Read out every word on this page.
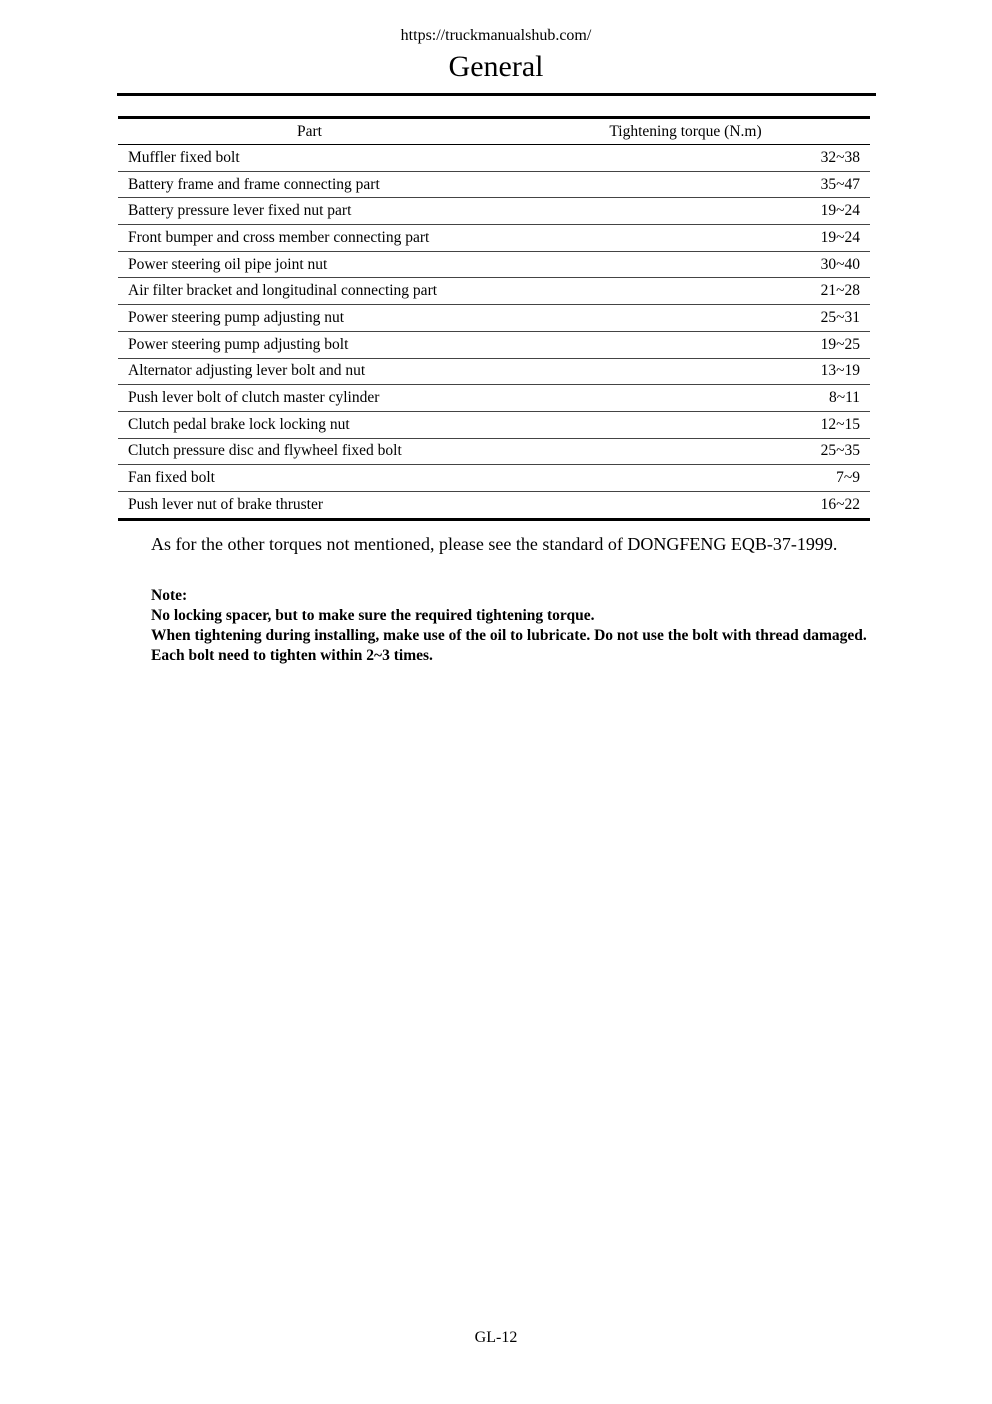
https://truckmanualshub.com/
General
Part	Tightening torque (N.m)
Muffler fixed bolt	32~38
Battery frame and frame connecting part	35~47
Battery pressure lever fixed nut part	19~24
Front bumper and cross member connecting part	19~24
Power steering oil pipe joint nut	30~40
Air filter bracket and longitudinal connecting part	21~28
Power steering pump adjusting nut	25~31
Power steering pump adjusting bolt	19~25
Alternator adjusting lever bolt and nut	13~19
Push lever bolt of clutch master cylinder	8~11
Clutch pedal brake lock locking nut	12~15
Clutch pressure disc and flywheel fixed bolt	25~35
Fan fixed bolt	7~9
Push lever nut of brake thruster	16~22
As for the other torques not mentioned, please see the standard of DONGFENG EQB-37-1999.

Note:

No locking spacer, but to make sure the required tightening torque.

When tightening during installing, make use of the oil to lubricate. Do not use the bolt with thread damaged.

Each bolt need to tighten within 2~3 times.

GL-12
